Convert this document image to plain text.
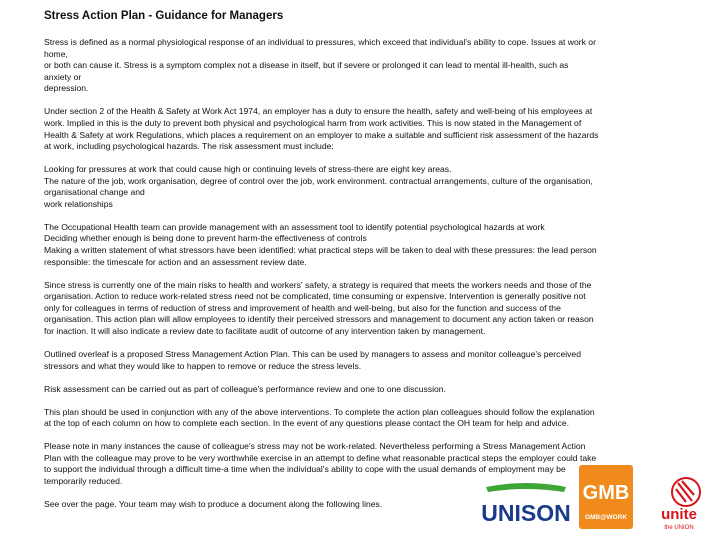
Stress Action Plan - Guidance for Managers
Stress is defined as a normal physiological response of an individual to pressures, which exceed that individual's ability to cope. Issues at work or
home,
or both can cause it. Stress is a symptom complex not a disease in itself, but if severe or prolonged it can lead to mental ill-health, such as
anxiety or
depression.
Under section 2 of the Health & Safety at Work Act 1974, an employer has a duty to ensure the health, safety and well-being of his employees at
work. Implied in this is the duty to prevent both physical and psychological harm from work activities. This is now stated in the Management of
Health & Safety at work Regulations, which places a requirement on an employer to make a suitable and sufficient risk assessment of the hazards
at work, including psychological hazards. The risk assessment must include:
Looking for pressures at work that could cause high or continuing levels of stress-there are eight key areas.
The nature of the job, work organisation, degree of control over the job, work environment. contractual arrangements, culture of the organisation,
organisational change and
work relationships
The Occupational Health team can provide management with an assessment tool to identify potential psychological hazards at work
Deciding whether enough is being done to prevent harm-the effectiveness of controls
Making a written statement of what stressors have been identified: what practical steps will be taken to deal with these pressures: the lead person
responsible: the timescale for action and an assessment review date.
Since stress is currently one of the main risks to health and workers' safety, a strategy is required that meets the workers needs and those of the
organisation. Action to reduce work-related stress need not be complicated, time consuming or expensive. Intervention is generally positive not
only for colleagues in terms of reduction of stress and improvement of health and well-being, but also for the function and success of the
organisation. This action plan will allow employees to identify their perceived stressors and management to document any action taken or reason
for inaction. It will also indicate a review date to facilitate audit of outcome of any intervention taken by management.
Outlined overleaf is a proposed Stress Management Action Plan. This can be used by managers to assess and monitor colleague's perceived
stressors and what they would like to happen to remove or reduce the stress levels.
Risk assessment can be carried out as part of colleague's performance review and one to one discussion.
This plan should be used in conjunction with any of the above interventions. To complete the action plan colleagues should follow the explanation
at the top of each column on how to complete each section. In the event of any questions please contact the OH team for help and advice.
Please note in many instances the cause of colleague's stress may not be work-related. Nevertheless performing a Stress Management Action
Plan with the colleague may prove to be very worthwhile exercise in an attempt to define what reasonable practical steps the employer could take
to support the individual through a difficult time-a time when the individual's ability to cope with the usual demands of employment may be
temporarily reduced.
See over the page. Your team may wish to produce a document along the following lines.	UNISON
GMB
GMB@WORK unite
the UNION
